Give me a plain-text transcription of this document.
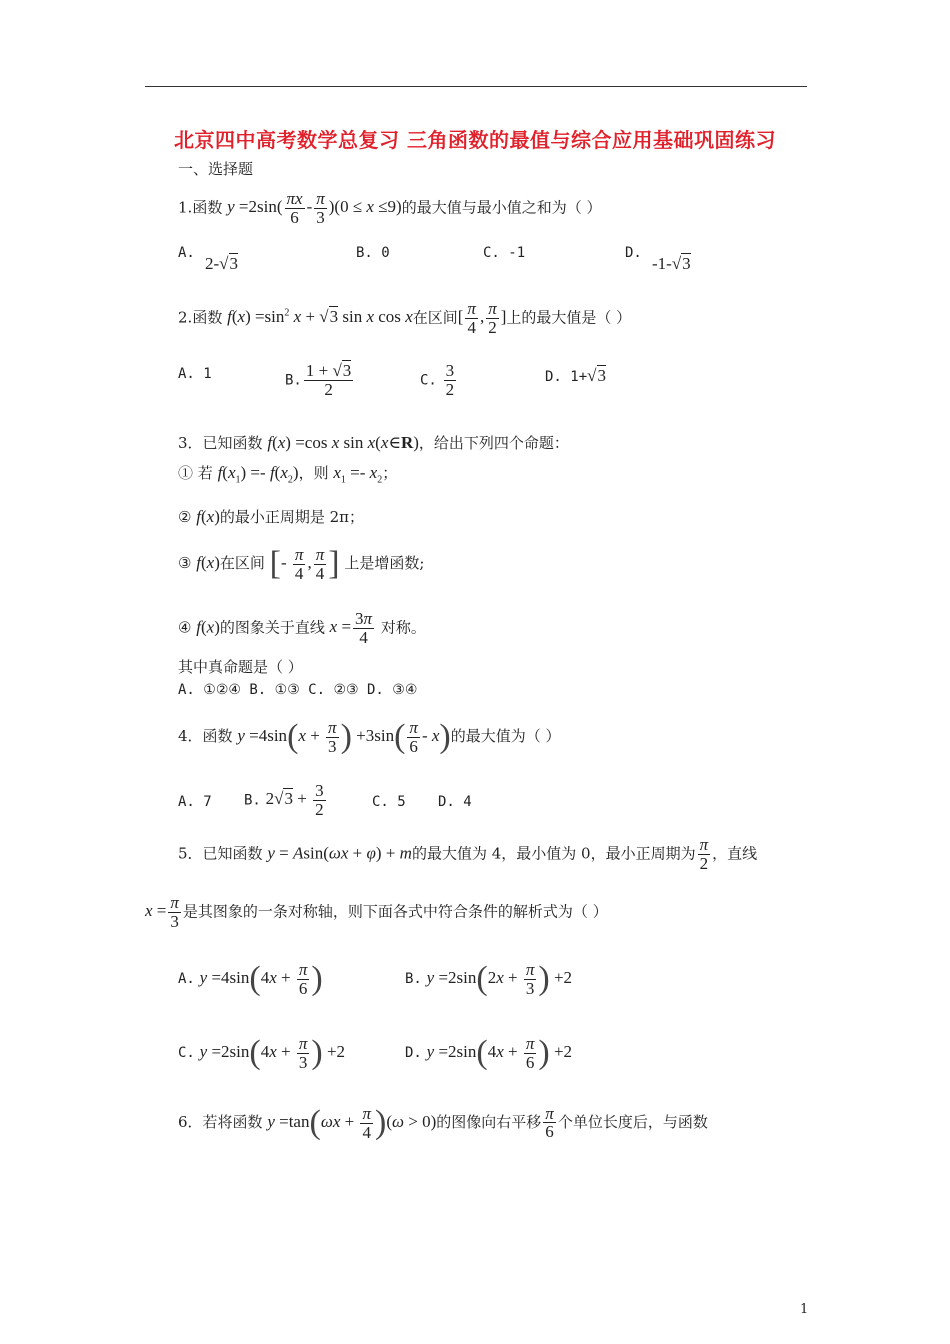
北京四中高考数学总复习 三角函数的最值与综合应用基础巩固练习
一、选择题
1.函数 $y =2\sin( \frac{\pi x}{6} - \frac{\pi}{3} )(0 \le x \le 9)$的最大值与最小值之和为（ ）
A.
2-√3
B. 0	C. -1	D.
-1-√3
2.函数 $f(x) =\sin^2$ x + √3 sin x cos x在区间[ $\frac{\pi}{4}$ , $\frac{\pi}{2}$ ]上的最大值是（ ）
A. 1	B. $\frac{1 + √3}{2}$	C. $\frac{3}{2}$	D. 1+√3
3．已知函数 f(x) =cos x sin x(x∈R)，给出下列四个命题：
① 若 $f(x_1) =- f(x_2)$，则 $x_1 =- x_2$；
② f(x)的最小正周期是 2π；
③ f(x)在区间 [- $\frac{\pi}{4}$ , $\frac{\pi}{4}$ ] 上是增函数;
④ f(x)的图象关于直线 $x = \frac{3\pi}{4}$ 对称。
其中真命题是（ ）
A. ①②④ B. ①③ C. ②③ D. ③④
4．函数 $y =4\sin(x + \frac{\pi}{3}$ ) $+3\sin( \frac{\pi}{6} - x)$的最大值为（ ）
A. 7 B. $2√3 + \frac{3}{2}$	C. 5 D. 4
5．已知函数 y = Asin(ωx + φ) + m的最大值为 4，最小值为 0，最小正周期为 $\frac{\pi}{2}$ ，直线
$x = \frac{\pi}{3}$ 是其图象的一条对称轴，则下面各式中符合条件的解析式为（ ）
A. $y =4\sin(4x + \frac{\pi}{6}$ )	B. $y =2\sin(2x + \frac{\pi}{3}$ ) +2
C. $y =2\sin(4x + \frac{\pi}{3}$ ) +2	D. $y =2\sin(4x + \frac{\pi}{6}$ ) +2
6．若将函数 $y =\tan(\omega x + \frac{\pi}{4} )(\omega > 0)$的图像向右平移 $\frac{\pi}{6}$ 个单位长度后，与函数
1
